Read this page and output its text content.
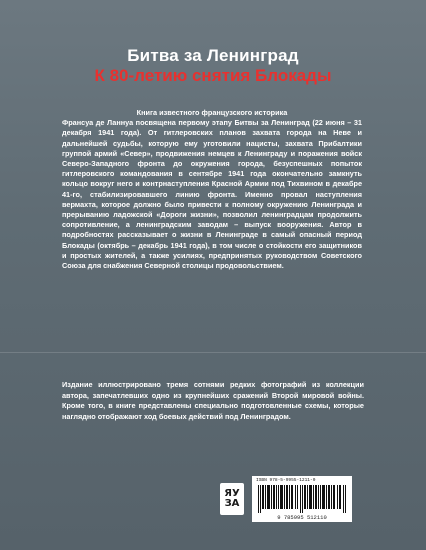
Битва за Ленинград
К 80-летию снятия Блокады
Книга известного французского историка

Франсуа де Ланнуа посвящена первому этапу Битвы за Ленинград (22 июня – 31 декабря 1941 года). От гитлеровских планов захвата города на Неве и дальнейшей судьбы, которую ему уготовили нацисты, захвата Прибалтики группой армий «Север», продвижения немцев к Ленинграду и поражения войск Северо-Западного фронта до окружения города, безуспешных попыток гитлеровского командования в сентябре 1941 года окончательно замкнуть кольцо вокруг него и контрнаступления Красной Армии под Тихвином в декабре 41-го, стабилизировавшего линию фронта. Именно провал наступления вермахта, которое должно было привести к полному окружению Ленинграда и прерыванию ладожской «Дороги жизни», позволил ленинградцам продолжить сопротивление, а ленинградским заводам – выпуск вооружения. Автор в подробностях рассказывает о жизни в Ленинграде в самый опасный период Блокады (октябрь – декабрь 1941 года), в том числе о стойкости его защитников и простых жителей, а также усилиях, предпринятых руководством Советского Союза для снабжения Северной столицы продовольствием.

Издание иллюстрировано тремя сотнями редких фотографий из коллекции автора, запечатлевших одно из крупнейших сражений Второй мировой войны. Кроме того, в книге представлены специально подготовленные схемы, которые наглядно отображают ход боевых действий под Ленинградом.
ЯУ
ЗА
ISBN 978-5-9955-1211-0
9 785995 512110
